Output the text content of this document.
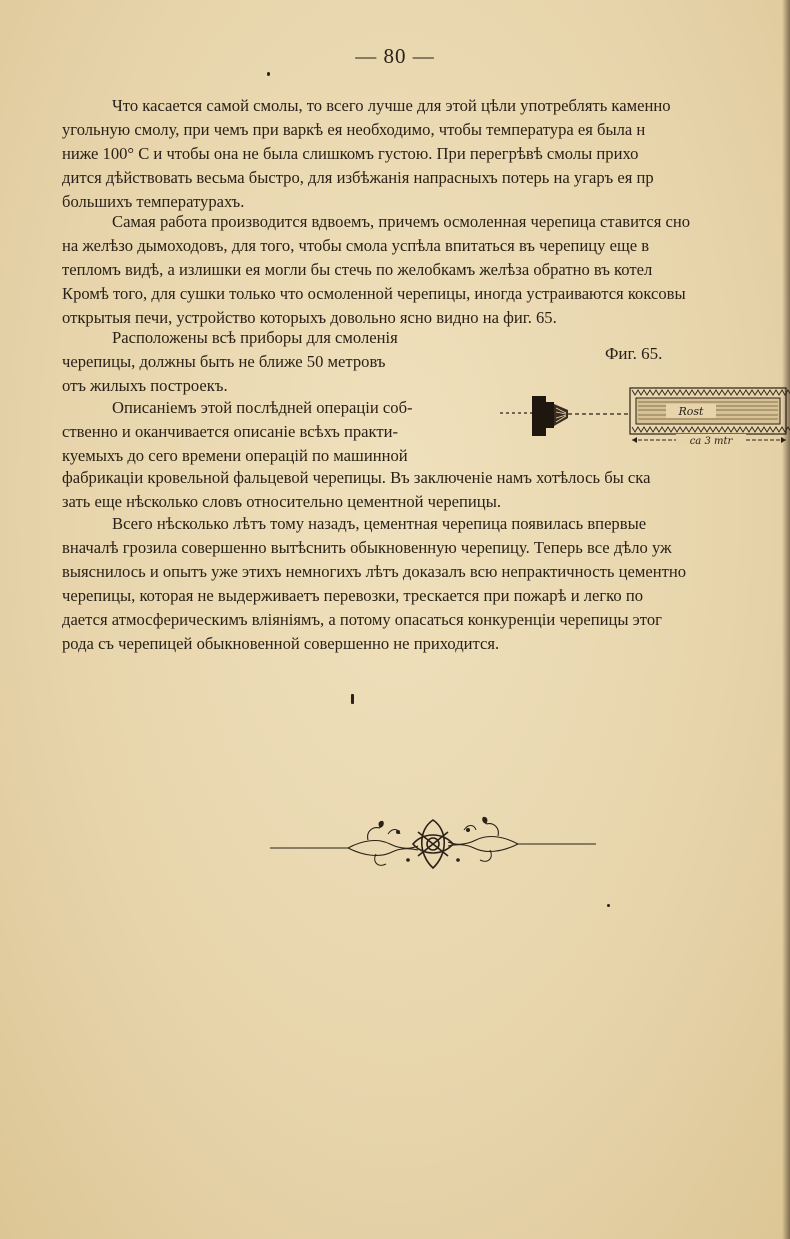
— 80 —
Что касается самой смолы, то всего лучше для этой цѣли употреблять каменно
угольную смолу, при чемъ при варкѣ ея необходимо, чтобы температура ея была н
ниже 100° С и чтобы она не была слишкомъ густою. При перегрѣвѣ смолы прихо
дится дѣйствовать весьма быстро, для избѣжанія напрасныхъ потерь на угаръ ея пр
большихъ температурахъ.
Самая работа производится вдвоемъ, причемъ осмоленная черепица ставится сно
на желѣзо дымоходовъ, для того, чтобы смола успѣла впитаться въ черепицу еще в
тепломъ видѣ, а излишки ея могли бы стечь по желобкамъ желѣза обратно въ котел
Кромѣ того, для сушки только что осмоленной черепицы, иногда устраиваются коксовы
открытыя печи, устройство которыхъ довольно ясно видно на фиг. 65.
Расположены всѣ приборы для смоленія
черепицы, должны быть не ближе 50 метровъ
отъ жилыхъ построекъ.
Описаніемъ этой послѣдней операціи соб-
ственно и оканчивается описаніе всѣхъ практи-
куемыхъ до сего времени операцій по машинной
фабрикаціи кровельной фальцевой черепицы. Въ заключеніе намъ хотѣлось бы ска
зать еще нѣсколько словъ относительно цементной черепицы.
Всего нѣсколько лѣтъ тому назадъ, цементная черепица появилась впервые
вначалѣ грозила совершенно вытѣснить обыкновенную черепицу. Теперь все дѣло уж
выяснилось и опытъ уже этихъ немногихъ лѣтъ доказалъ всю непрактичность цементно
черепицы, которая не выдерживаетъ перевозки, трескается при пожарѣ и легко по
дается атмосферическимъ вліяніямъ, а потому опасаться конкуренціи черепицы этог
рода съ черепицей обыкновенной совершенно не приходится.
Фиг. 65.
Rost
ca 3 mtr
